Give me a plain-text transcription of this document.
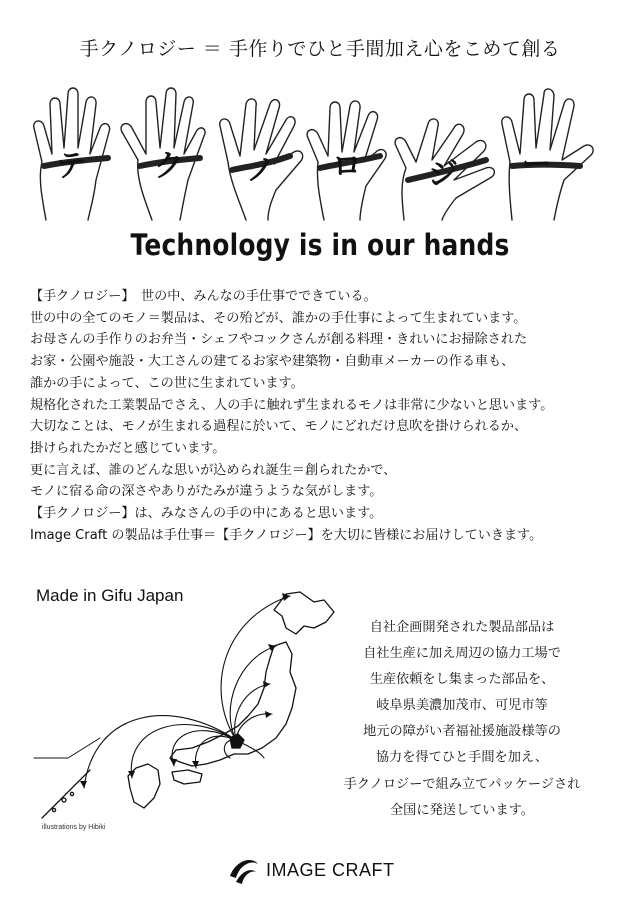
手クノロジー ＝ 手作りでひと手間加え心をこめて創る
テ ク ノ ロ ジ ー
Technology is in our hands
【手クノロジー】　世の中、みんなの手仕事でできている。
世の中の全てのモノ＝製品は、その殆どが、誰かの手仕事によって生まれています。
お母さんの手作りのお弁当・シェフやコックさんが創る料理・きれいにお掃除された
お家・公園や施設・大工さんの建てるお家や建築物・自動車メーカーの作る車も、
誰かの手によって、この世に生まれています。
規格化された工業製品でさえ、人の手に触れず生まれるモノは非常に少ないと思います。
大切なことは、モノが生まれる過程に於いて、モノにどれだけ息吹を掛けられるか、
掛けられたかだと感じています。
更に言えば、誰のどんな思いが込められ誕生＝創られたかで、
モノに宿る命の深さやありがたみが違うような気がします。
【手クノロジー】は、みなさんの手の中にあると思います。
Image Craft の製品は手仕事＝【手クノロジー】を大切に皆様にお届けしていきます。
Made in Gifu Japan
illustrations by Hibiki
自社企画開発された製品部品は
自社生産に加え周辺の協力工場で
生産依頼をし集まった部品を、
岐阜県美濃加茂市、可児市等
地元の障がい者福祉援施設様等の
協力を得てひと手間を加え、
手クノロジーで組み立てパッケージされ
全国に発送しています。
IMAGE CRAFT
